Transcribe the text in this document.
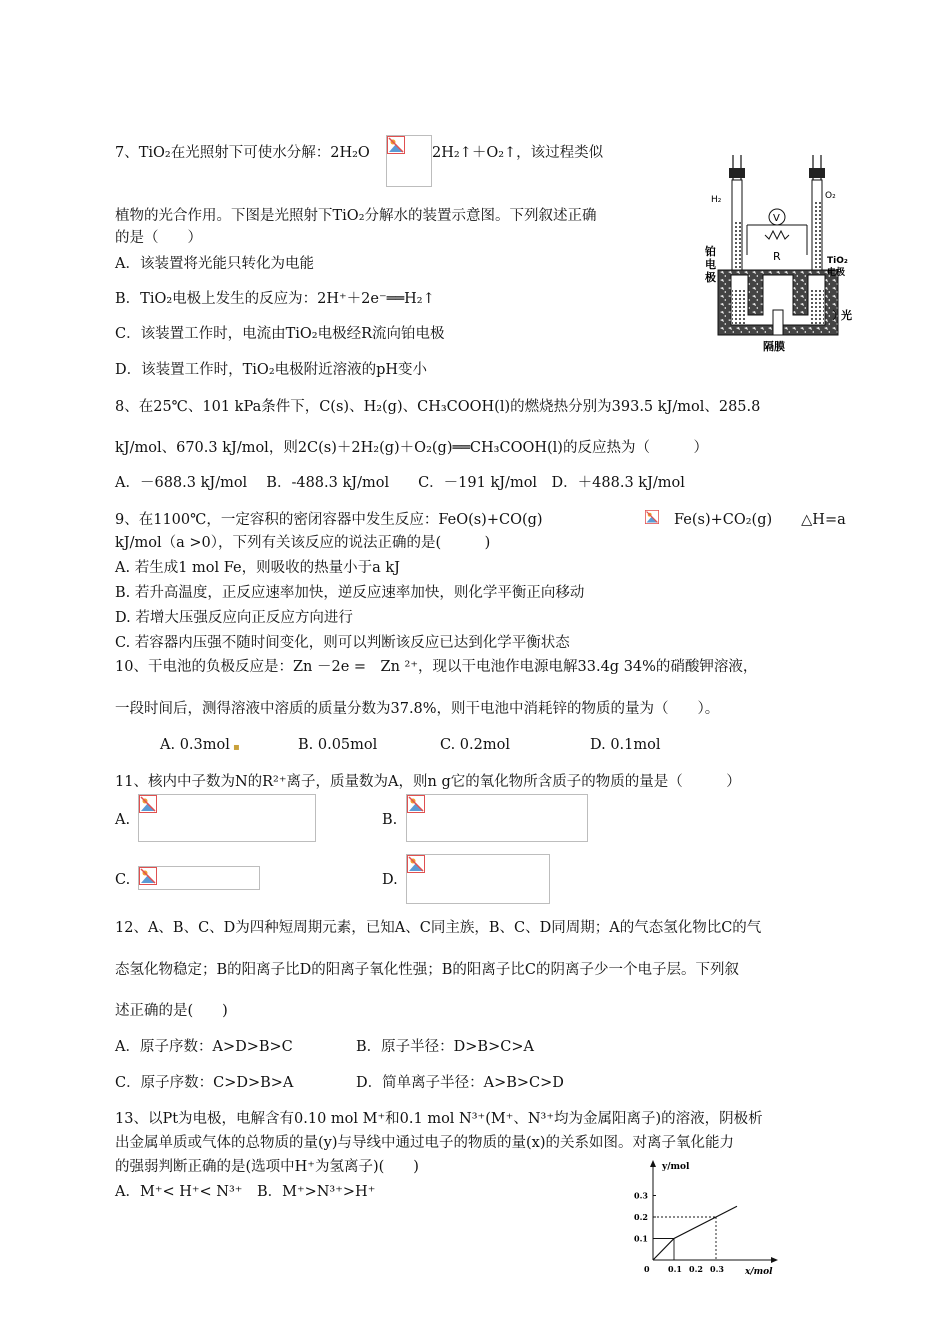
7、TiO₂在光照射下可使水分解：2H₂O	2H₂↑＋O₂↑，该过程类似
植物的光合作用。下图是光照射下TiO₂分解水的装置示意图。下列叙述正确
的是（　　）
A．该装置将光能只转化为电能
B．TiO₂电极上发生的反应为：2H⁺＋2e⁻══H₂↑
C．该装置工作时，电流由TiO₂电极经R流向铂电极
D．该装置工作时，TiO₂电极附近溶液的pH变小
V
R
H₂	O₂
铂
电
极
TiO₂
电极
光
隔膜
8、在25℃、101 kPa条件下，C(s)、H₂(g)、CH₃COOH(l)的燃烧热分别为393.5 kJ/mol、285.8
kJ/mol、670.3 kJ/mol，则2C(s)＋2H₂(g)＋O₂(g)══CH₃COOH(l)的反应热为（　　　）
A．－688.3 kJ/mol　 B．-488.3 kJ/mol　　C．－191 kJ/mol　D．＋488.3 kJ/mol
9、在1100℃，一定容积的密闭容器中发生反应：FeO(s)+CO(g)	Fe(s)+CO₂(g)　　△H=a
kJ/mol（a >0），下列有关该反应的说法正确的是(　　　)
A. 若生成1 mol Fe，则吸收的热量小于a kJ
B. 若升高温度，正反应速率加快，逆反应速率加快，则化学平衡正向移动
D. 若增大压强反应向正反应方向进行
C. 若容器内压强不随时间变化，则可以判断该反应已达到化学平衡状态
10、干电池的负极反应是：Zn －2e =　Zn ²⁺，现以干电池作电源电解33.4g 34%的硝酸钾溶液，
一段时间后，测得溶液中溶质的质量分数为37.8%，则干电池中消耗锌的物质的量为（　　）。
A. 0.3mol ▪	B. 0.05mol	C. 0.2mol	D. 0.1mol
11、核内中子数为N的R²⁺离子，质量数为A，则n g它的氧化物所含质子的物质的量是（　　　）
A.	B.
C.	D.
12、A、B、C、D为四种短周期元素，已知A、C同主族，B、C、D同周期；A的气态氢化物比C的气
态氢化物稳定；B的阳离子比D的阳离子氧化性强；B的阳离子比C的阴离子少一个电子层。下列叙
述正确的是(　　)
A．原子序数：A>D>B>C	B．原子半径：D>B>C>A
C．原子序数：C>D>B>A	D．简单离子半径：A>B>C>D
13、以Pt为电极，电解含有0.10 mol M⁺和0.1 mol N³⁺(M⁺、N³⁺均为金属阳离子)的溶液，阴极析
出金属单质或气体的总物质的量(y)与导线中通过电子的物质的量(x)的关系如图。对离子氧化能力
的强弱判断正确的是(选项中H⁺为氢离子)(　　)
A．M⁺< H⁺< N³⁺　B．M⁺>N³⁺>H⁺
y/mol
x/mol
0.3
0.2
0.1
0 0.1 0.2 0.3
